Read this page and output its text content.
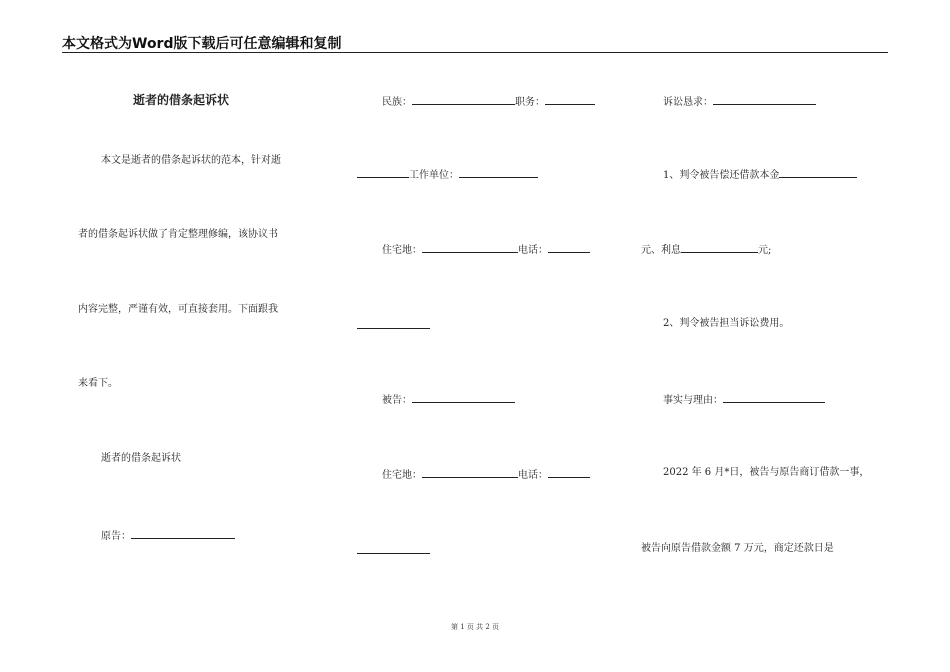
本文格式为Word版下载后可任意编辑和复制
逝者的借条起诉状
本文是逝者的借条起诉状的范本，针对逝
者的借条起诉状做了肯定整理修编，该协议书
内容完整，严谨有效，可直接套用。下面跟我
来看下。
逝者的借条起诉状
原告：
民族：	职务：
工作单位：
住宅地：	电话：
被告：
住宅地：	电话：
诉讼恳求：
1、判令被告偿还借款本金
元、利息	元;
2、判令被告担当诉讼费用。
事实与理由：
2022 年 6 月*日，被告与原告商订借款一事，
被告向原告借款金额 7 万元，商定还款日是
第 1 页 共 2 页
